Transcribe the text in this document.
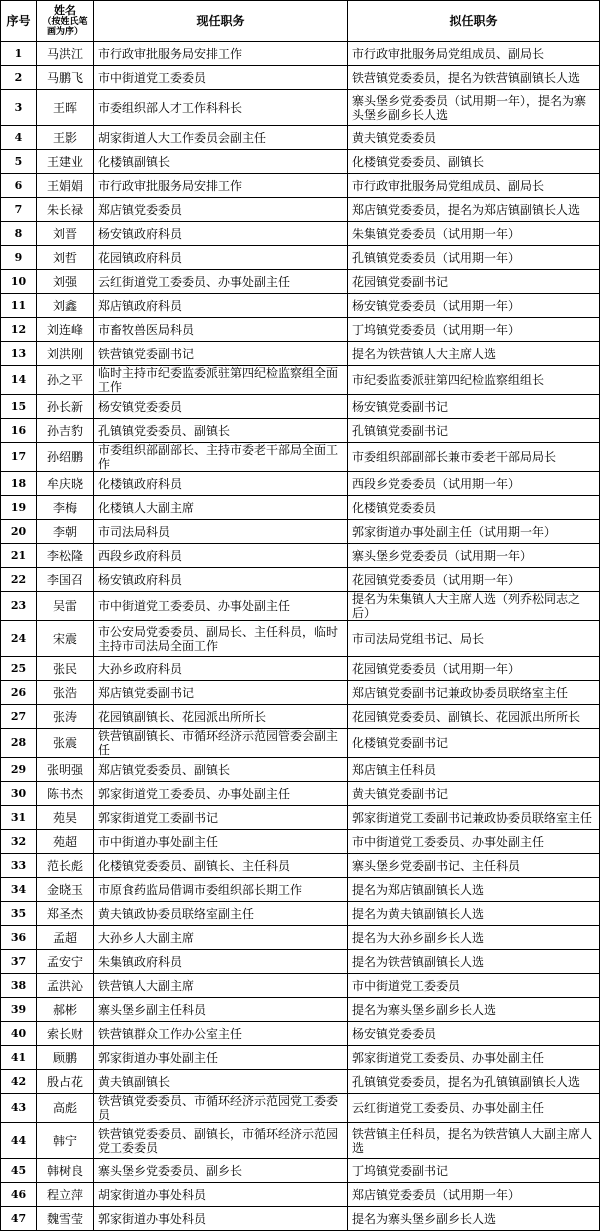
序号	姓名
（按姓氏笔
画为序）	现任职务	拟任职务
1	马洪江	市行政审批服务局安排工作	市行政审批服务局党组成员、副局长
2	马鹏飞	市中街道党工委委员	铁营镇党委委员，提名为铁营镇副镇长人选
3	王晖	市委组织部人才工作科科长	寨头堡乡党委委员（试用期一年），提名为寨头堡乡副乡长人选
4	王影	胡家街道人大工作委员会副主任	黄夫镇党委委员
5	王建业	化楼镇副镇长	化楼镇党委委员、副镇长
6	王娟娟	市行政审批服务局安排工作	市行政审批服务局党组成员、副局长
7	朱长禄	郑店镇党委委员	郑店镇党委委员，提名为郑店镇副镇长人选
8	刘晋	杨安镇政府科员	朱集镇党委委员（试用期一年）
9	刘哲	花园镇政府科员	孔镇镇党委委员（试用期一年）
10	刘强	云红街道党工委委员、办事处副主任	花园镇党委副书记
11	刘鑫	郑店镇政府科员	杨安镇党委委员（试用期一年）
12	刘连峰	市畜牧兽医局科员	丁坞镇党委委员（试用期一年）
13	刘洪刚	铁营镇党委副书记	提名为铁营镇人大主席人选
14	孙之平	临时主持市纪委监委派驻第四纪检监察组全面工作	市纪委监委派驻第四纪检监察组组长
15	孙长新	杨安镇党委委员	杨安镇党委副书记
16	孙吉豹	孔镇镇党委委员、副镇长	孔镇镇党委副书记
17	孙绍鹏	市委组织部副部长、主持市委老干部局全面工作	市委组织部副部长兼市委老干部局局长
18	牟庆晓	化楼镇政府科员	西段乡党委委员（试用期一年）
19	李梅	化楼镇人大副主席	化楼镇党委委员
20	李朝	市司法局科员	郭家街道办事处副主任（试用期一年）
21	李松隆	西段乡政府科员	寨头堡乡党委委员（试用期一年）
22	李国召	杨安镇政府科员	花园镇党委委员（试用期一年）
23	吴雷	市中街道党工委委员、办事处副主任	提名为朱集镇人大主席人选（列乔松同志之后）
24	宋震	市公安局党委委员、副局长、主任科员，临时主持市司法局全面工作	市司法局党组书记、局长
25	张民	大孙乡政府科员	花园镇党委委员（试用期一年）
26	张浩	郑店镇党委副书记	郑店镇党委副书记兼政协委员联络室主任
27	张涛	花园镇副镇长、花园派出所所长	花园镇党委委员、副镇长、花园派出所所长
28	张震	铁营镇副镇长、市循环经济示范园管委会副主任	化楼镇党委副书记
29	张明强	郑店镇党委委员、副镇长	郑店镇主任科员
30	陈书杰	郭家街道党工委委员、办事处副主任	黄夫镇党委副书记
31	苑昊	郭家街道党工委副书记	郭家街道党工委副书记兼政协委员联络室主任
32	苑超	市中街道办事处副主任	市中街道党工委委员、办事处副主任
33	范长彪	化楼镇党委委员、副镇长、主任科员	寨头堡乡党委副书记、主任科员
34	金晓玉	市原食药监局借调市委组织部长期工作	提名为郑店镇副镇长人选
35	郑圣杰	黄夫镇政协委员联络室副主任	提名为黄夫镇副镇长人选
36	孟超	大孙乡人大副主席	提名为大孙乡副乡长人选
37	孟安宁	朱集镇政府科员	提名为铁营镇副镇长人选
38	孟洪沁	铁营镇人大副主席	市中街道党工委委员
39	郝彬	寨头堡乡副主任科员	提名为寨头堡乡副乡长人选
40	索长财	铁营镇群众工作办公室主任	杨安镇党委委员
41	顾鹏	郭家街道办事处副主任	郭家街道党工委委员、办事处副主任
42	殷占花	黄夫镇副镇长	孔镇镇党委委员，提名为孔镇镇副镇长人选
43	高彪	铁营镇党委委员、市循环经济示范园党工委委员	云红街道党工委委员、办事处副主任
44	韩宁	铁营镇党委委员、副镇长，市循环经济示范园党工委委员	铁营镇主任科员，提名为铁营镇人大副主席人选
45	韩树良	寨头堡乡党委委员、副乡长	丁坞镇党委副书记
46	程立萍	胡家街道办事处科员	郑店镇党委委员（试用期一年）
47	魏雪莹	郭家街道办事处科员	提名为寨头堡乡副乡长人选
